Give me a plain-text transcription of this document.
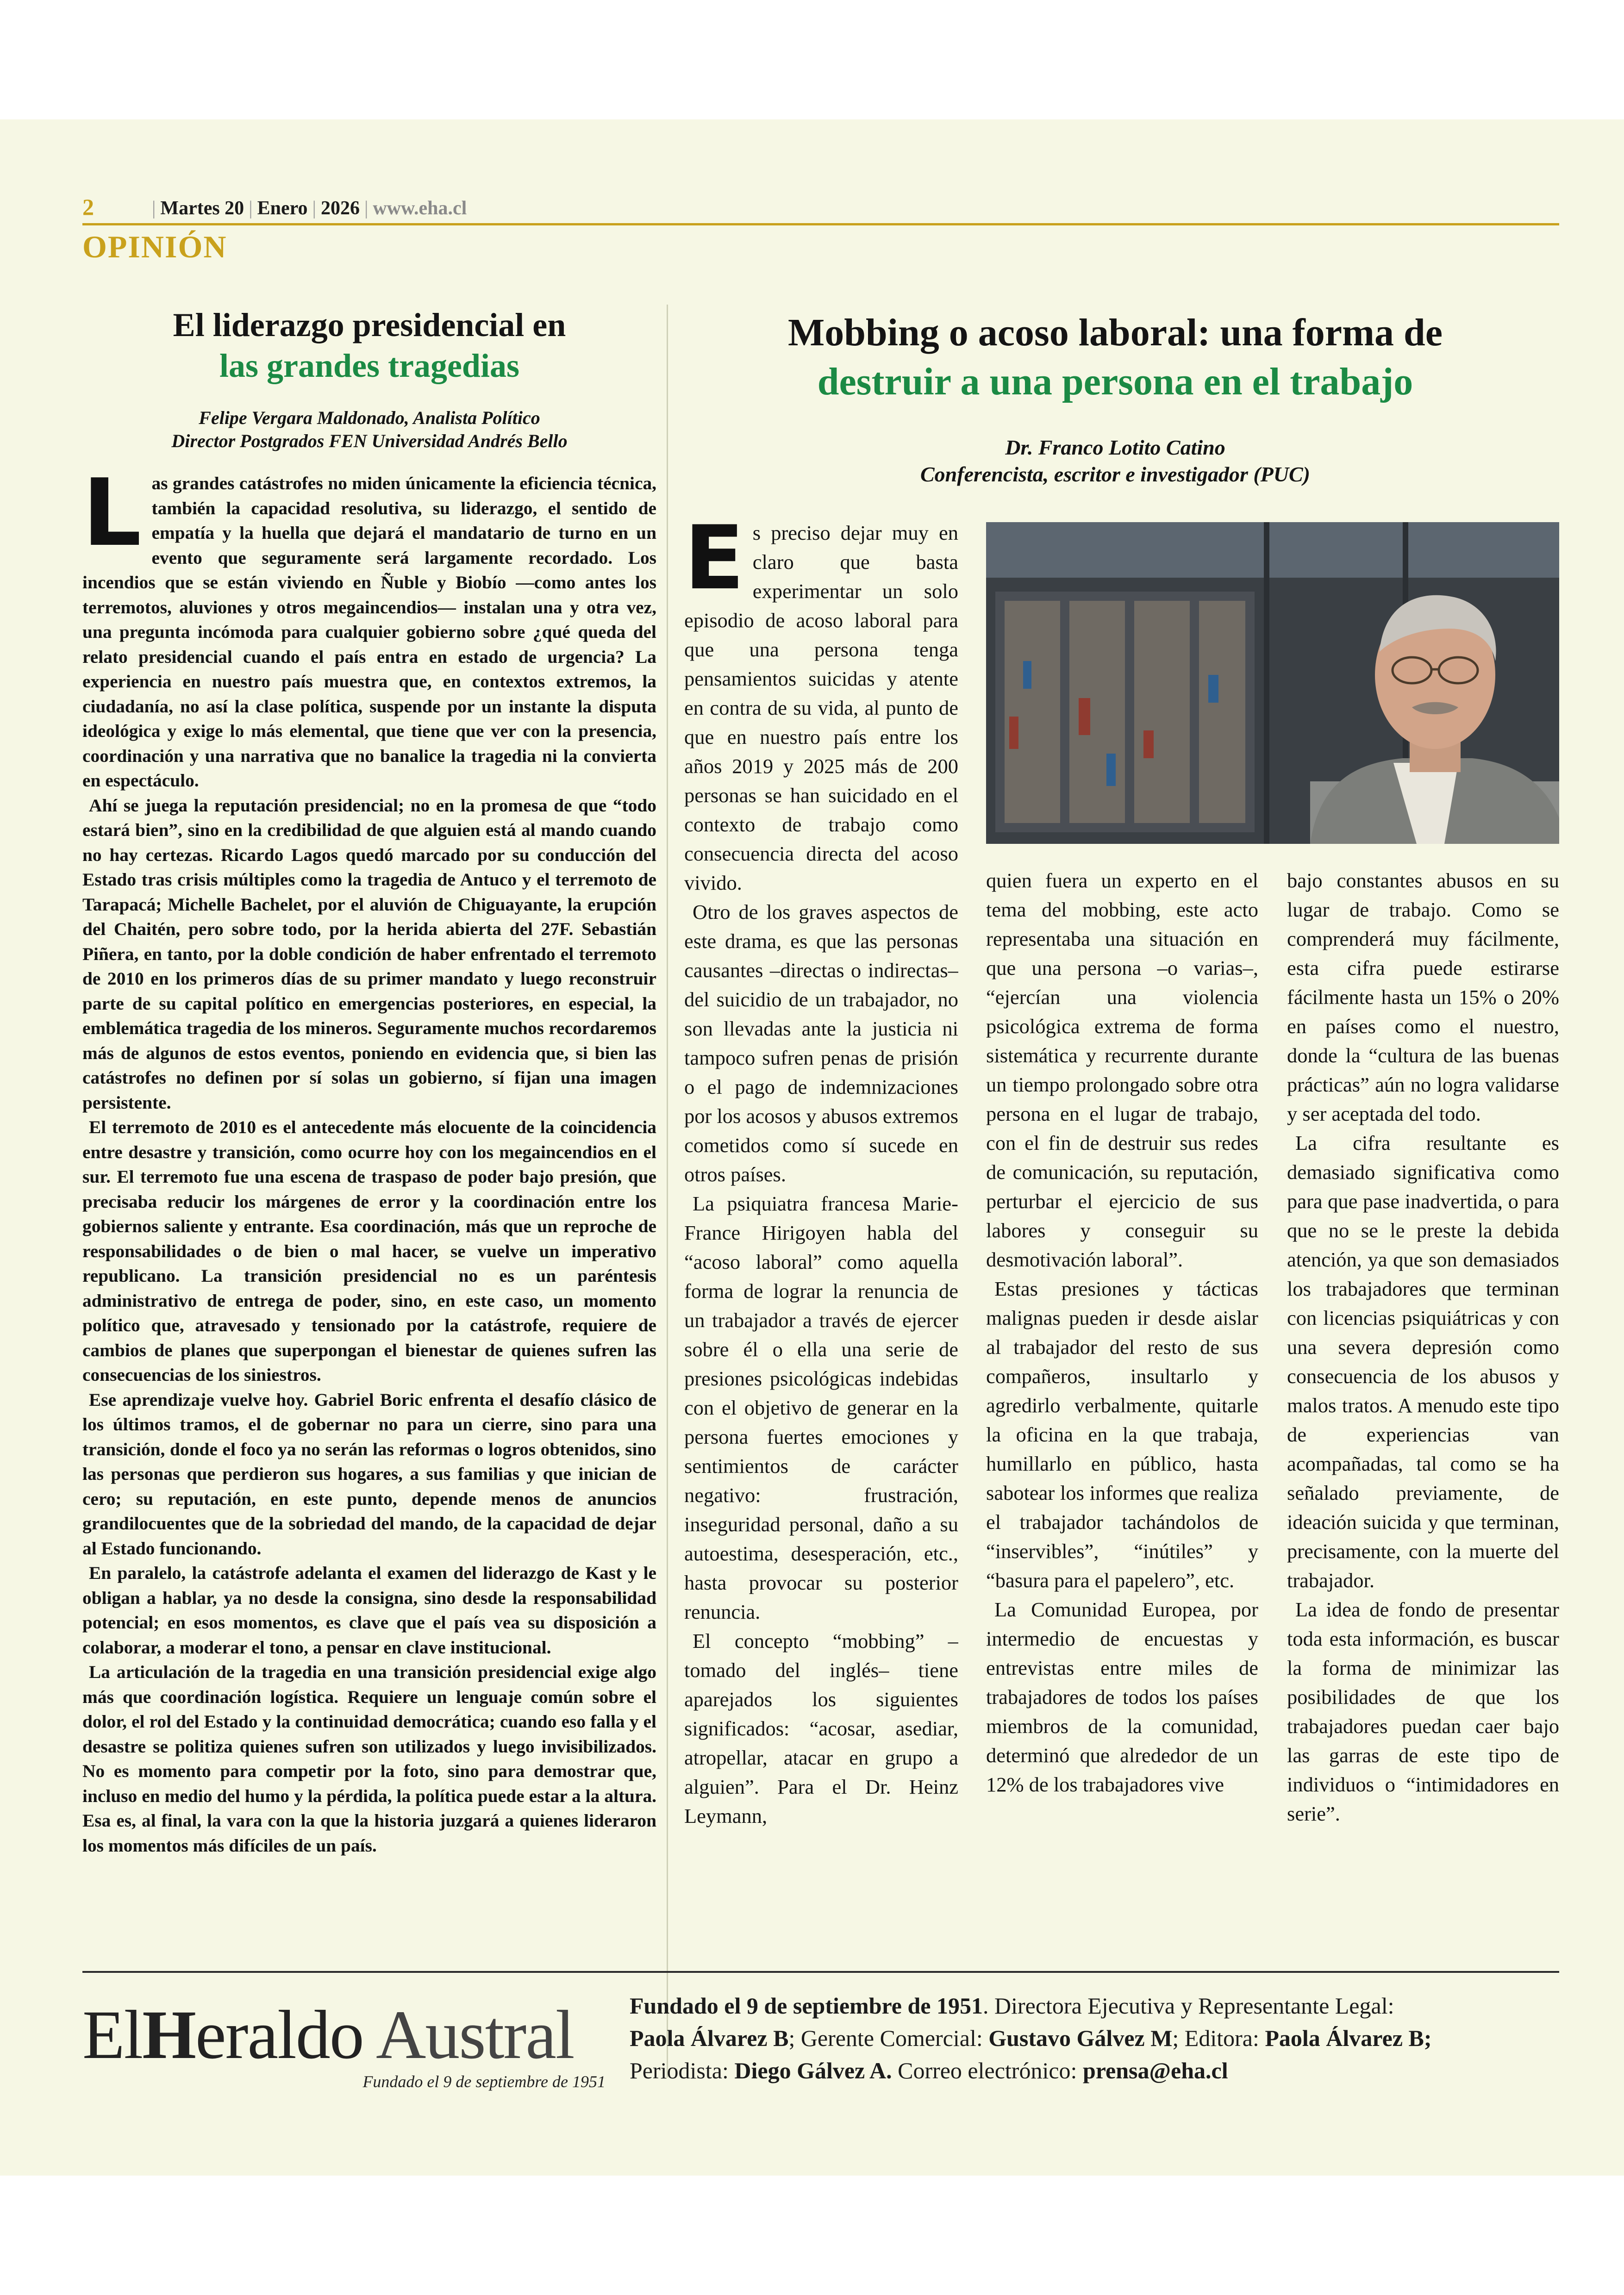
2	| Martes 20 | Enero | 2026 | www.eha.cl
OPINIÓN
El liderazgo presidencial en
las grandes tragedias
Felipe Vergara Maldonado, Analista Político
Director Postgrados FEN Universidad Andrés Bello

Las grandes catástrofes no miden únicamente la eficiencia técnica, también la capacidad resolutiva, su liderazgo, el sentido de empatía y la huella que dejará el mandatario de turno en un evento que seguramente será largamente recordado. Los incendios que se están viviendo en Ñuble y Biobío —como antes los terremotos, aluviones y otros megaincendios— instalan una y otra vez, una pregunta incómoda para cualquier gobierno sobre ¿qué queda del relato presidencial cuando el país entra en estado de urgencia? La experiencia en nuestro país muestra que, en contextos extremos, la ciudadanía, no así la clase política, suspende por un instante la disputa ideológica y exige lo más elemental, que tiene que ver con la presencia, coordinación y una narrativa que no banalice la tragedia ni la convierta en espectáculo.

Ahí se juega la reputación presidencial; no en la promesa de que “todo estará bien”, sino en la credibilidad de que alguien está al mando cuando no hay certezas. Ricardo Lagos quedó marcado por su conducción del Estado tras crisis múltiples como la tragedia de Antuco y el terremoto de Tarapacá; Michelle Bachelet, por el aluvión de Chiguayante, la erupción del Chaitén, pero sobre todo, por la herida abierta del 27F. Sebastián Piñera, en tanto, por la doble condición de haber enfrentado el terremoto de 2010 en los primeros días de su primer mandato y luego reconstruir parte de su capital político en emergencias posteriores, en especial, la emblemática tragedia de los mineros. Seguramente muchos recordaremos más de algunos de estos eventos, poniendo en evidencia que, si bien las catástrofes no definen por sí solas un gobierno, sí fijan una imagen persistente.

El terremoto de 2010 es el antecedente más elocuente de la coincidencia entre desastre y transición, como ocurre hoy con los megaincendios en el sur. El terremoto fue una escena de traspaso de poder bajo presión, que precisaba reducir los márgenes de error y la coordinación entre los gobiernos saliente y entrante. Esa coordinación, más que un reproche de responsabilidades o de bien o mal hacer, se vuelve un imperativo republicano. La transición presidencial no es un paréntesis administrativo de entrega de poder, sino, en este caso, un momento político que, atravesado y tensionado por la catástrofe, requiere de cambios de planes que superpongan el bienestar de quienes sufren las consecuencias de los siniestros.

Ese aprendizaje vuelve hoy. Gabriel Boric enfrenta el desafío clásico de los últimos tramos, el de gobernar no para un cierre, sino para una transición, donde el foco ya no serán las reformas o logros obtenidos, sino las personas que perdieron sus hogares, a sus familias y que inician de cero; su reputación, en este punto, depende menos de anuncios grandilocuentes que de la sobriedad del mando, de la capacidad de dejar al Estado funcionando.

En paralelo, la catástrofe adelanta el examen del liderazgo de Kast y le obligan a hablar, ya no desde la consigna, sino desde la responsabilidad potencial; en esos momentos, es clave que el país vea su disposición a colaborar, a moderar el tono, a pensar en clave institucional.

La articulación de la tragedia en una transición presidencial exige algo más que coordinación logística. Requiere un lenguaje común sobre el dolor, el rol del Estado y la continuidad democrática; cuando eso falla y el desastre se politiza quienes sufren son utilizados y luego invisibilizados. No es momento para competir por la foto, sino para demostrar que, incluso en medio del humo y la pérdida, la política puede estar a la altura. Esa es, al final, la vara con la que la historia juzgará a quienes lideraron los momentos más difíciles de un país.

Mobbing o acoso laboral: una forma de
destruir a una persona en el trabajo
Dr. Franco Lotito Catino
Conferencista, escritor e investigador (PUC)

Es preciso dejar muy en claro que basta experimentar un solo episodio de acoso laboral para que una persona tenga pensamientos suicidas y atente en contra de su vida, al punto de que en nuestro país entre los años 2019 y 2025 más de 200 personas se han suicidado en el contexto de trabajo como consecuencia directa del acoso vivido.

Otro de los graves aspectos de este drama, es que las personas causantes –directas o indirectas– del suicidio de un trabajador, no son llevadas ante la justicia ni tampoco sufren penas de prisión o el pago de indemnizaciones por los acosos y abusos extremos cometidos como sí sucede en otros países.

La psiquiatra francesa Marie-France Hirigoyen habla del “acoso laboral” como aquella forma de lograr la renuncia de un trabajador a través de ejercer sobre él o ella una serie de presiones psicológicas indebidas con el objetivo de generar en la persona fuertes emociones y sentimientos de carácter negativo: frustración, inseguridad personal, daño a su autoestima, desesperación, etc., hasta provocar su posterior renuncia.

El concepto “mobbing” –tomado del inglés– tiene aparejados los siguientes significados: “acosar, asediar, atropellar, atacar en grupo a alguien”. Para el Dr. Heinz Leymann,

quien fuera un experto en el tema del mobbing, este acto representaba una situación en que una persona –o varias–, “ejercían una violencia psicológica extrema de forma sistemática y recurrente durante un tiempo prolongado sobre otra persona en el lugar de trabajo, con el fin de destruir sus redes de comunicación, su reputación, perturbar el ejercicio de sus labores y conseguir su desmotivación laboral”.

Estas presiones y tácticas malignas pueden ir desde aislar al trabajador del resto de sus compañeros, insultarlo y agredirlo verbalmente, quitarle la oficina en la que trabaja, humillarlo en público, hasta sabotear los informes que realiza el trabajador tachándolos de “inservibles”, “inútiles” y “basura para el papelero”, etc.

La Comunidad Europea, por intermedio de encuestas y entrevistas entre miles de trabajadores de todos los países miembros de la comunidad, determinó que alrededor de un 12% de los trabajadores vive

bajo constantes abusos en su lugar de trabajo. Como se comprenderá muy fácilmente, esta cifra puede estirarse fácilmente hasta un 15% o 20% en países como el nuestro, donde la “cultura de las buenas prácticas” aún no logra validarse y ser aceptada del todo.

La cifra resultante es demasiado significativa como para que pase inadvertida, o para que no se le preste la debida atención, ya que son demasiados los trabajadores que terminan con licencias psiquiátricas y con una severa depresión como consecuencia de los abusos y malos tratos. A menudo este tipo de experiencias van acompañadas, tal como se ha señalado previamente, de ideación suicida y que terminan, precisamente, con la muerte del trabajador.

La idea de fondo de presentar toda esta información, es buscar la forma de minimizar las posibilidades de que los trabajadores puedan caer bajo las garras de este tipo de individuos o “intimidadores en serie”.

ElHeraldo Austral
Fundado el 9 de septiembre de 1951
Fundado el 9 de septiembre de 1951. Directora Ejecutiva y Representante Legal:
Paola Álvarez B; Gerente Comercial: Gustavo Gálvez M; Editora: Paola Álvarez B;
Periodista: Diego Gálvez A. Correo electrónico: prensa@eha.cl
